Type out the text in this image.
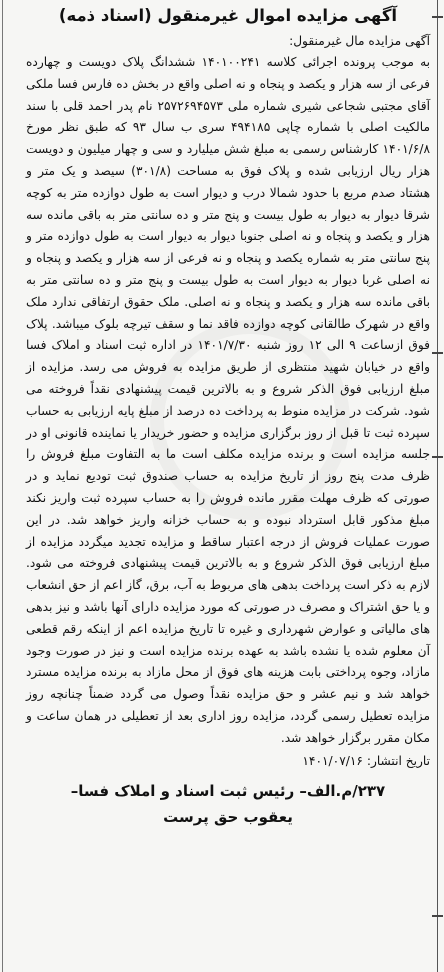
آگهی مزایده اموال غیرمنقول (اسناد ذمه)

آگهی مزایده مال غیرمنقول:

به موجب پرونده اجرائی کلاسه ۱۴۰۱۰۰۲۴۱ ششدانگ پلاک دویست و چهارده فرعی از سه هزار و یکصد و پنجاه و نه اصلی واقع در بخش ده فارس فسا ملکی آقای مجتبی شجاعی شیری شماره ملی ۲۵۷۲۶۹۴۵۷۳ نام پدر احمد قلی با سند مالکیت اصلی با شماره چاپی ۴۹۴۱۸۵ سری ب سال ۹۳ که طبق نظر مورخ ۱۴۰۱/۶/۸ کارشناس رسمی به مبلغ شش میلیارد و سی و چهار میلیون و دویست هزار ریال ارزیابی شده و پلاک فوق به مساحت (۳۰۱/۸) سیصد و یک متر و هشتاد صدم مربع با حدود شمالا درب و دیوار است به طول دوازده متر به کوچه شرقا دیوار به دیوار به طول بیست و پنج متر و ده سانتی متر به باقی مانده سه هزار و یکصد و پنجاه و نه اصلی جنوبا دیوار به دیوار است به طول دوازده متر و پنج سانتی متر به شماره یکصد و پنجاه و نه فرعی از سه هزار و یکصد و پنجاه و نه اصلی غربا دیوار به دیوار است به طول بیست و پنج متر و ده سانتی متر به باقی مانده سه هزار و یکصد و پنجاه و نه اصلی. ملک حقوق ارتفاقی ندارد ملک واقع در شهرک طالقانی کوچه دوازده فاقد نما و سقف تیرچه بلوک میباشد. پلاک فوق ازساعت ۹ الی ۱۲ روز شنبه ۱۴۰۱/۷/۳۰ در اداره ثبت اسناد و املاک فسا واقع در خیابان شهید منتظری از طریق مزایده به فروش می رسد. مزایده از مبلغ ارزیابی فوق الذکر شروع و به بالاترین قیمت پیشنهادی نقداً فروخته می شود. شرکت در مزایده منوط به پرداخت ده درصد از مبلغ پایه ارزیابی به حساب سپرده ثبت تا قبل از روز برگزاری مزایده و حضور خریدار یا نماینده قانونی او در جلسه مزایده است و برنده مزایده مکلف است ما به التفاوت مبلغ فروش را ظرف مدت پنج روز از تاریخ مزایده به حساب صندوق ثبت تودیع نماید و در صورتی که ظرف مهلت مقرر مانده فروش را به حساب سپرده ثبت واریز نکند مبلغ مذکور قابل استرداد نبوده و به حساب خزانه واریز خواهد شد. در این صورت عملیات فروش از درجه اعتبار ساقط و مزایده تجدید میگردد مزایده از مبلغ ارزیابی فوق الذکر شروع و به بالاترین قیمت پیشنهادی فروخته می شود. لازم به ذکر است پرداخت بدهی های مربوط به آب، برق، گاز اعم از حق انشعاب و یا حق اشتراک و مصرف در صورتی که مورد مزایده دارای آنها باشد و نیز بدهی های مالیاتی و عوارض شهرداری و غیره تا تاریخ مزایده اعم از اینکه رقم قطعی آن معلوم شده یا نشده باشد به عهده برنده مزایده است و نیز در صورت وجود مازاد، وجوه پرداختی بابت هزینه های فوق از محل مازاد به برنده مزایده مسترد خواهد شد و نیم عشر و حق مزایده نقداً وصول می گردد ضمناً چنانچه روز مزایده تعطیل رسمی گردد، مزایده روز اداری بعد از تعطیلی در همان ساعت و مکان مقرر برگزار خواهد شد.

تاریخ انتشار: ۱۴۰۱/۰۷/۱۶

۲۳۷/م.الف– رئیس ثبت اسناد و املاک فسا–
یعقوب حق پرست
